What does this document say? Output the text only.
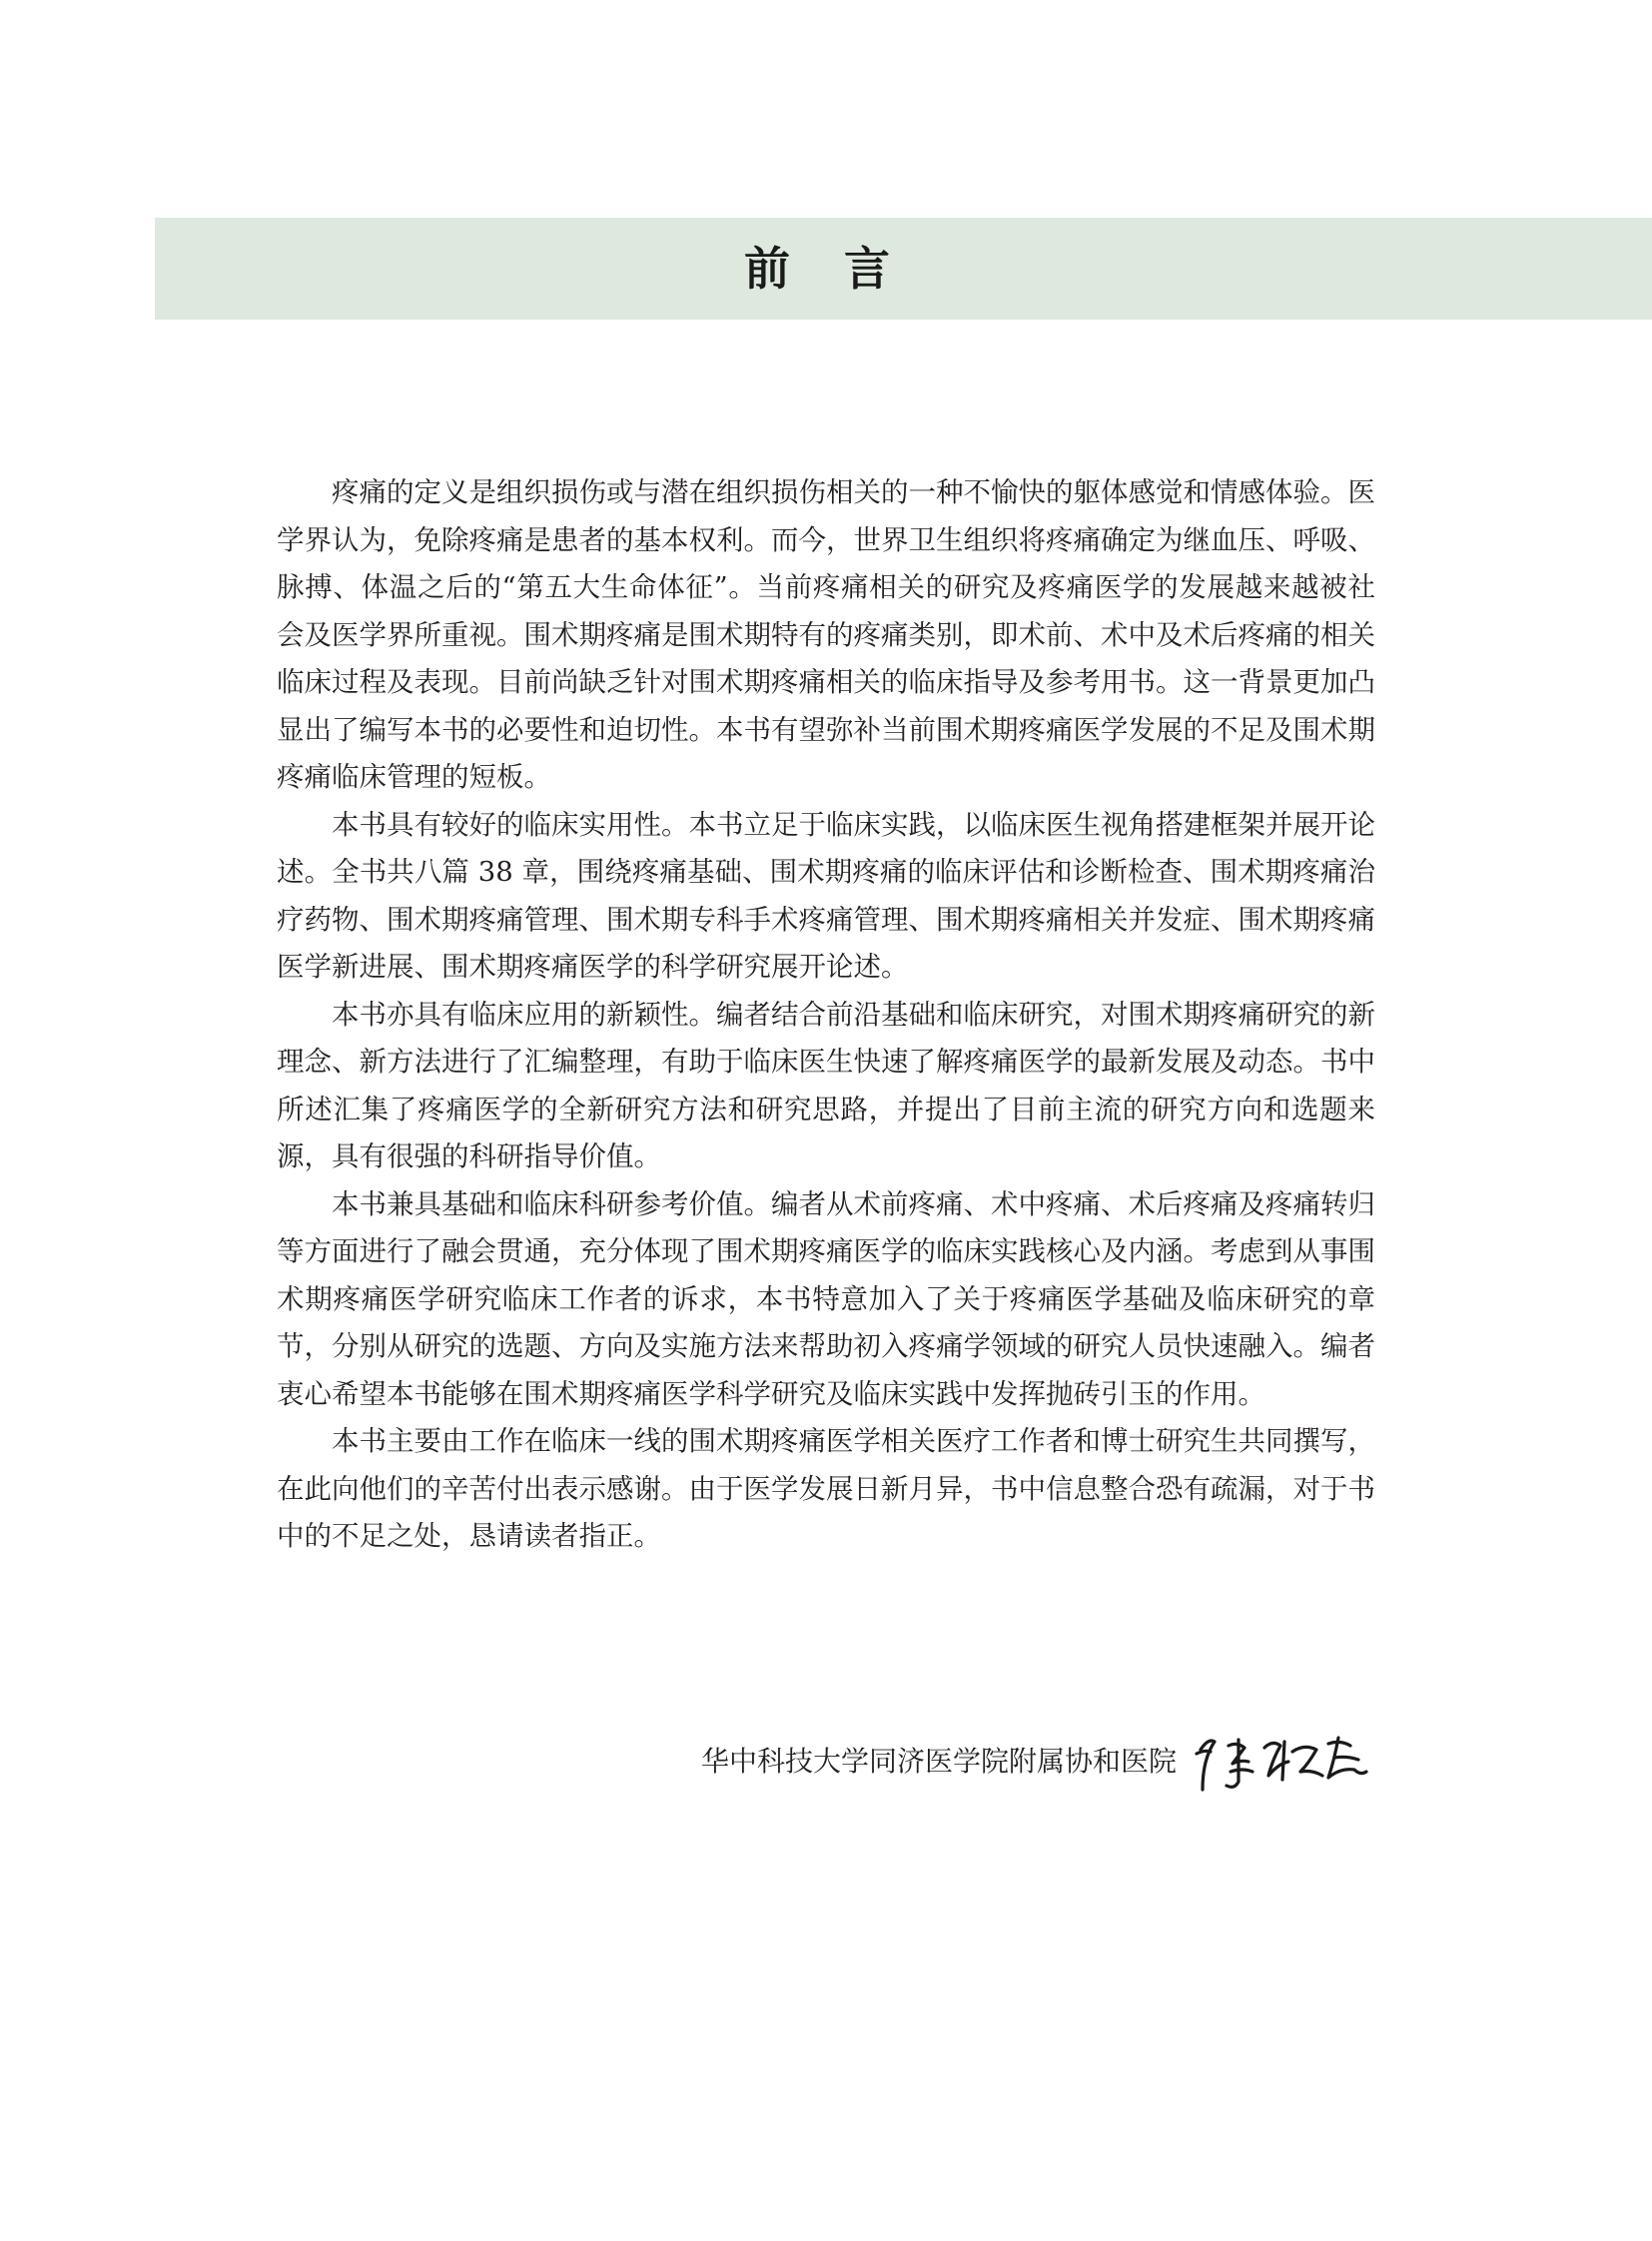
前言

疼痛的定义是组织损伤或与潜在组织损伤相关的一种不愉快的躯体感觉和情感体验。医学界认为，免除疼痛是患者的基本权利。而今，世界卫生组织将疼痛确定为继血压、呼吸、脉搏、体温之后的“第五大生命体征”。当前疼痛相关的研究及疼痛医学的发展越来越被社会及医学界所重视。围术期疼痛是围术期特有的疼痛类别，即术前、术中及术后疼痛的相关临床过程及表现。目前尚缺乏针对围术期疼痛相关的临床指导及参考用书。这一背景更加凸显出了编写本书的必要性和迫切性。本书有望弥补当前围术期疼痛医学发展的不足及围术期疼痛临床管理的短板。

本书具有较好的临床实用性。本书立足于临床实践，以临床医生视角搭建框架并展开论述。全书共八篇 38 章，围绕疼痛基础、围术期疼痛的临床评估和诊断检查、围术期疼痛治疗药物、围术期疼痛管理、围术期专科手术疼痛管理、围术期疼痛相关并发症、围术期疼痛医学新进展、围术期疼痛医学的科学研究展开论述。

本书亦具有临床应用的新颖性。编者结合前沿基础和临床研究，对围术期疼痛研究的新理念、新方法进行了汇编整理，有助于临床医生快速了解疼痛医学的最新发展及动态。书中所述汇集了疼痛医学的全新研究方法和研究思路，并提出了目前主流的研究方向和选题来源，具有很强的科研指导价值。

本书兼具基础和临床科研参考价值。编者从术前疼痛、术中疼痛、术后疼痛及疼痛转归等方面进行了融会贯通，充分体现了围术期疼痛医学的临床实践核心及内涵。考虑到从事围术期疼痛医学研究临床工作者的诉求，本书特意加入了关于疼痛医学基础及临床研究的章节，分别从研究的选题、方向及实施方法来帮助初入疼痛学领域的研究人员快速融入。编者衷心希望本书能够在围术期疼痛医学科学研究及临床实践中发挥抛砖引玉的作用。

本书主要由工作在临床一线的围术期疼痛医学相关医疗工作者和博士研究生共同撰写，在此向他们的辛苦付出表示感谢。由于医学发展日新月异，书中信息整合恐有疏漏，对于书中的不足之处，恳请读者指正。

华中科技大学同济医学院附属协和医院
